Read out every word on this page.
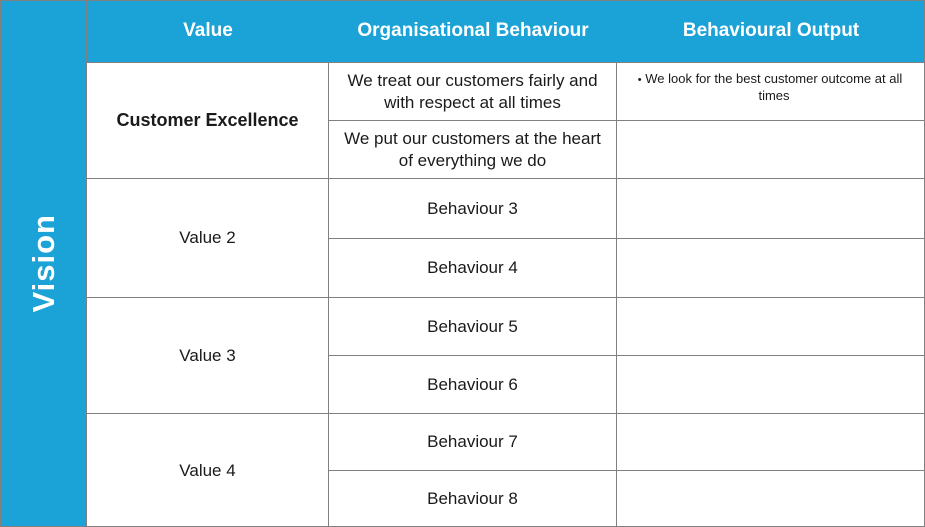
Vision
Value	Organisational Behaviour	Behavioural Output
Customer Excellence
We treat our customers fairly and with respect at all times
• We look for the best customer outcome at all times
We put our customers at the heart of everything we do
Value 2
Behaviour 3
Behaviour 4
Value 3
Behaviour 5
Behaviour 6
Value 4
Behaviour 7
Behaviour 8
